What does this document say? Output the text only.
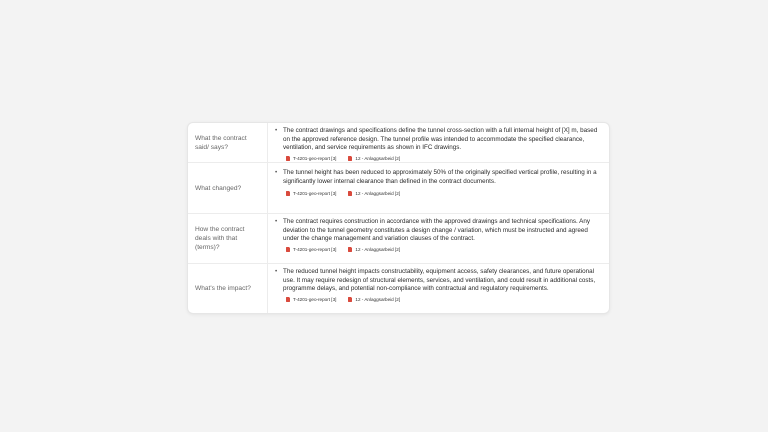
What the contract said/ says?
• The contract drawings and specifications define the tunnel cross-section with a full internal height of [X] m, based on the approved reference design. The tunnel profile was intended to accommodate the specified clearance, ventilation, and service requirements as shown in IFC drawings.
T-4201-geo-report [3]	12 - Anlaggsarbeid [2]
What changed?
• The tunnel height has been reduced to approximately 50% of the originally specified vertical profile, resulting in a significantly lower internal clearance than defined in the contract documents.
T-4201-geo-report [3]	12 - Anlaggsarbeid [2]
How the contract deals with that (terms)?
• The contract requires construction in accordance with the approved drawings and technical specifications. Any deviation to the tunnel geometry constitutes a design change / variation, which must be instructed and agreed under the change management and variation clauses of the contract.
T-4201-geo-report [3]	12 - Anlaggsarbeid [2]
What's the impact?
• The reduced tunnel height impacts constructability, equipment access, safety clearances, and future operational use. It may require redesign of structural elements, services, and ventilation, and could result in additional costs, programme delays, and potential non-compliance with contractual and regulatory requirements.
T-4201-geo-report [3]	12 - Anlaggsarbeid [2]
